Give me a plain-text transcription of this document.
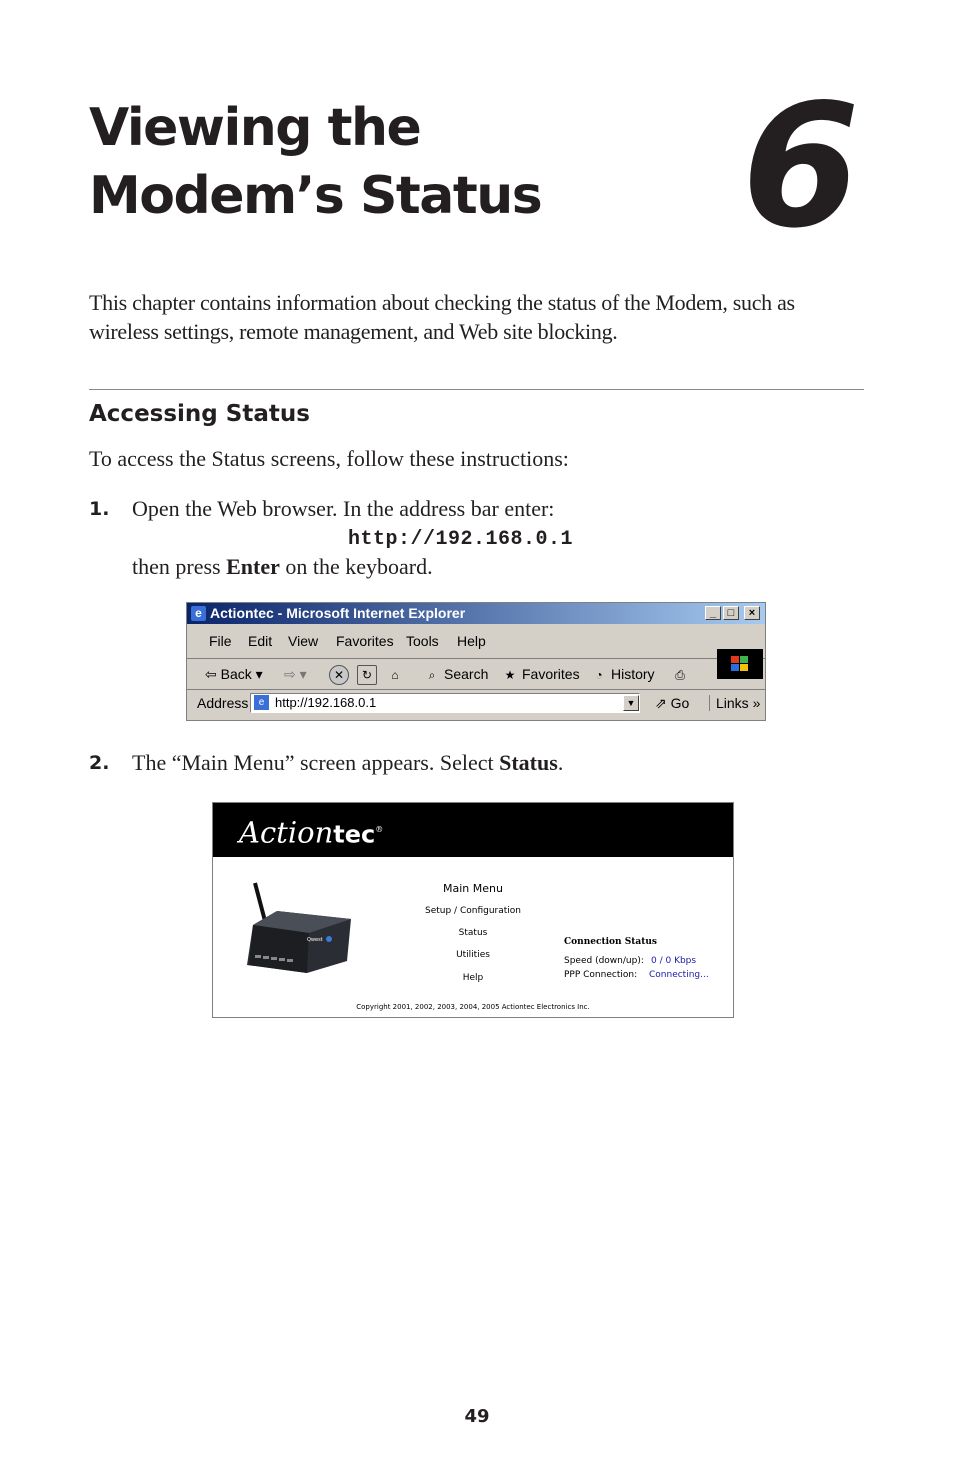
Viewing the
Modem’s Status	6
This chapter contains information about checking the status of the Modem, such as wireless settings, remote management, and Web site blocking.
Accessing Status
To access the Status screens, follow these instructions:
1. Open the Web browser. In the address bar enter:
http://192.168.0.1
then press Enter on the keyboard.
e Actiontec - Microsoft Internet Explorer	_	□	×
File Edit View Favorites Tools Help
⇦ Back ▾ ⇨ ▾	✕	↻	⌂	⌕ Search	★ Favorites	◔ History	⎙
Address	e http://192.168.0.1	▼ ⇗ Go	Links »
2. The “Main Menu” screen appears. Select Status.
Actiontec®
Qwest
Main Menu
Setup / Configuration
Status
Utilities
Help
Connection Status
Speed (down/up): 0 / 0 Kbps
PPP Connection: Connecting...
Copyright 2001, 2002, 2003, 2004, 2005 Actiontec Electronics Inc.
49
